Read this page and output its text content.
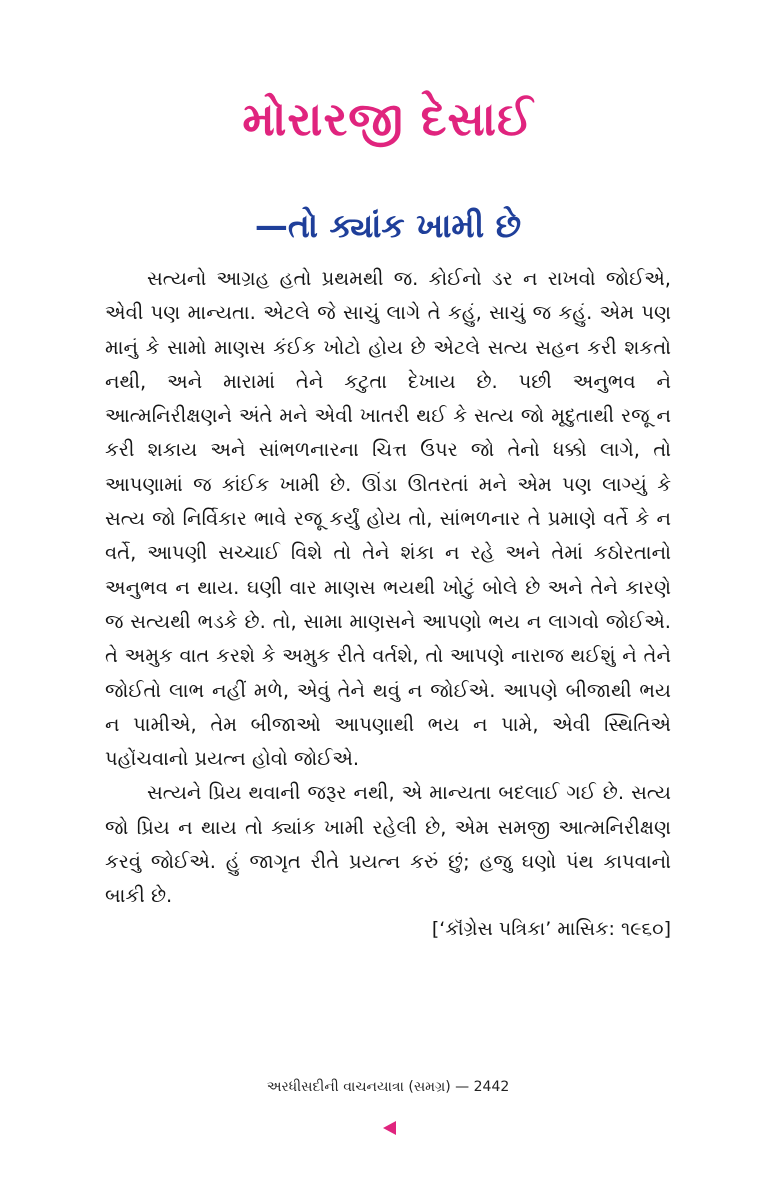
મોરારજી દેસાઈ
—તો ક્યાંક ખામી છે

સત્યનો આગ્રહ હતો પ્રથમથી જ. કોઈનો ડર ન રાખવો જોઈએ, એવી પણ માન્યતા. એટલે જે સાચું લાગે તે કહું, સાચું જ કહું. એમ પણ માનું કે સામો માણસ કંઈક ખોટો હોય છે એટલે સત્ય સહન કરી શકતો નથી, અને મારામાં તેને કટુતા દેખાય છે. પછી અનુભવ ને આત્મનિરીક્ષણને અંતે મને એવી ખાતરી થઈ કે સત્ય જો મૃદુતાથી રજૂ ન કરી શકાય અને સાંભળનારના ચિત્ત ઉપર જો તેનો ધક્કો લાગે, તો આપણામાં જ કાંઈક ખામી છે. ઊંડા ઊતરતાં મને એમ પણ લાગ્યું કે સત્ય જો નિર્વિકાર ભાવે રજૂ કર્યું હોય તો, સાંભળનાર તે પ્રમાણે વર્તે કે ન વર્તે, આપણી સચ્ચાઈ વિશે તો તેને શંકા ન રહે અને તેમાં કઠોરતાનો અનુભવ ન થાય. ઘણી વાર માણસ ભયથી ખોટું બોલે છે અને તેને કારણે જ સત્યથી ભડકે છે. તો, સામા માણસને આપણો ભય ન લાગવો જોઈએ. તે અમુક વાત કરશે કે અમુક રીતે વર્તશે, તો આપણે નારાજ થઈશું ને તેને જોઈતો લાભ નહીં મળે, એવું તેને થવું ન જોઈએ. આપણે બીજાથી ભય ન પામીએ, તેમ બીજાઓ આપણાથી ભય ન પામે, એવી સ્થિતિએ પહોંચવાનો પ્રયત્ન હોવો જોઈએ.

સત્યને પ્રિય થવાની જરૂર નથી, એ માન્યતા બદલાઈ ગઈ છે. સત્ય જો પ્રિય ન થાય તો ક્યાંક ખામી રહેલી છે, એમ સમજી આત્મનિરીક્ષણ કરવું જોઈએ. હું જાગૃત રીતે પ્રયત્ન કરું છું; હજુ ઘણો પંથ કાપવાનો બાકી છે.

[‘કૉંગ્રેસ પત્રિકા’ માસિક: ૧૯૬૦]
અરધીસદીની વાચનયાત્રા (સમગ્ર) — 2442
